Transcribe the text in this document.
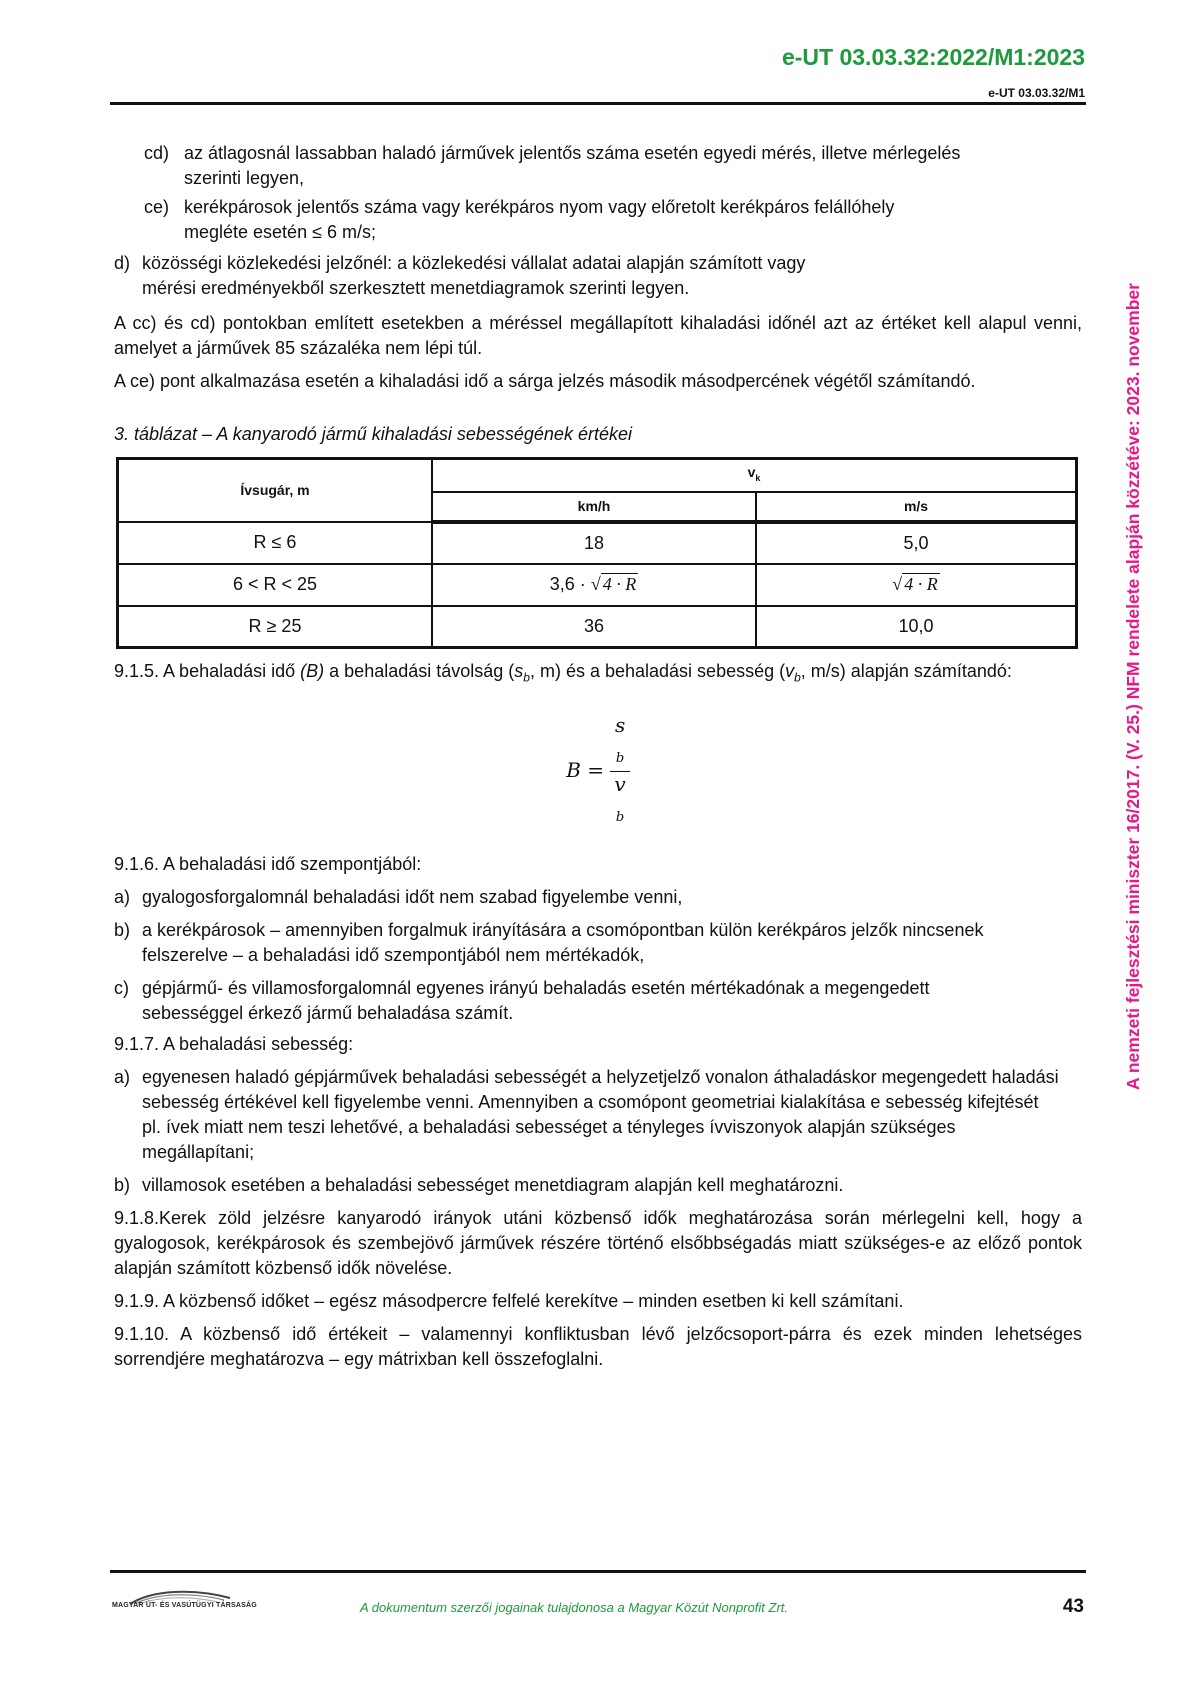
e-UT 03.03.32:2022/M1:2023
e-UT 03.03.32/M1
A nemzeti fejlesztési miniszter 16/2017. (V. 25.) NFM rendelete alapján közzétéve: 2023. november
cd) az átlagosnál lassabban haladó járművek jelentős száma esetén egyedi mérés, illetve mérlegelés szerinti legyen,
ce) kerékpárosok jelentős száma vagy kerékpáros nyom vagy előretolt kerékpáros felállóhely megléte esetén ≤ 6 m/s;
d) közösségi közlekedési jelzőnél: a közlekedési vállalat adatai alapján számított vagy mérési eredményekből szerkesztett menetdiagramok szerinti legyen.

A cc) és cd) pontokban említett esetekben a méréssel megállapított kihaladási időnél azt az értéket kell alapul venni, amelyet a járművek 85 százaléka nem lépi túl.

A ce) pont alkalmazása esetén a kihaladási idő a sárga jelzés második másodpercének végétől számítandó.

3. táblázat – A kanyarodó jármű kihaladási sebességének értékei

Ívsugár, m	$v_k$
	km/h	m/s
R ≤ 6	18	5,0
6 < R < 25	3,6 · √ 4 · R	√ 4 · R
R ≥ 25	36	10,0

9.1.5. A behaladási idő (B) a behaladási távolság ($s_b$, m) és a behaladási sebesség ($v_b$, m/s) alapján számítandó:

B = s
$_b$
v
$_b$

9.1.6. A behaladási idő szempontjából:

a) gyalogosforgalomnál behaladási időt nem szabad figyelembe venni,
b) a kerékpárosok – amennyiben forgalmuk irányítására a csomópontban külön kerékpáros jelzők nincsenek felszerelve – a behaladási idő szempontjából nem mértékadók,
c) gépjármű- és villamosforgalomnál egyenes irányú behaladás esetén mértékadónak a megengedett sebességgel érkező jármű behaladása számít.

9.1.7. A behaladási sebesség:

a) egyenesen haladó gépjárművek behaladási sebességét a helyzetjelző vonalon áthaladáskor megengedett haladási sebesség értékével kell figyelembe venni. Amennyiben a csomópont geometriai kialakítása e sebesség kifejtését pl. ívek miatt nem teszi lehetővé, a behaladási sebességet a tényleges ívviszonyok alapján szükséges megállapítani;
b) villamosok esetében a behaladási sebességet menetdiagram alapján kell meghatározni.

9.1.8.Kerek zöld jelzésre kanyarodó irányok utáni közbenső idők meghatározása során mérlegelni kell, hogy a gyalogosok, kerékpárosok és szembejövő járművek részére történő elsőbbségadás miatt szükséges-e az előző pontok alapján számított közbenső idők növelése.

9.1.9. A közbenső időket – egész másodpercre felfelé kerekítve – minden esetben ki kell számítani.

9.1.10. A közbenső idő értékeit – valamennyi konfliktusban lévő jelzőcsoport-párra és ezek minden lehetséges sorrendjére meghatározva – egy mátrixban kell összefoglalni.

MAGYAR ÚT- ÉS VASÚTÜGYI TÁRSASÁG	A dokumentum szerzői jogainak tulajdonosa a Magyar Közút Nonprofit Zrt.	43
